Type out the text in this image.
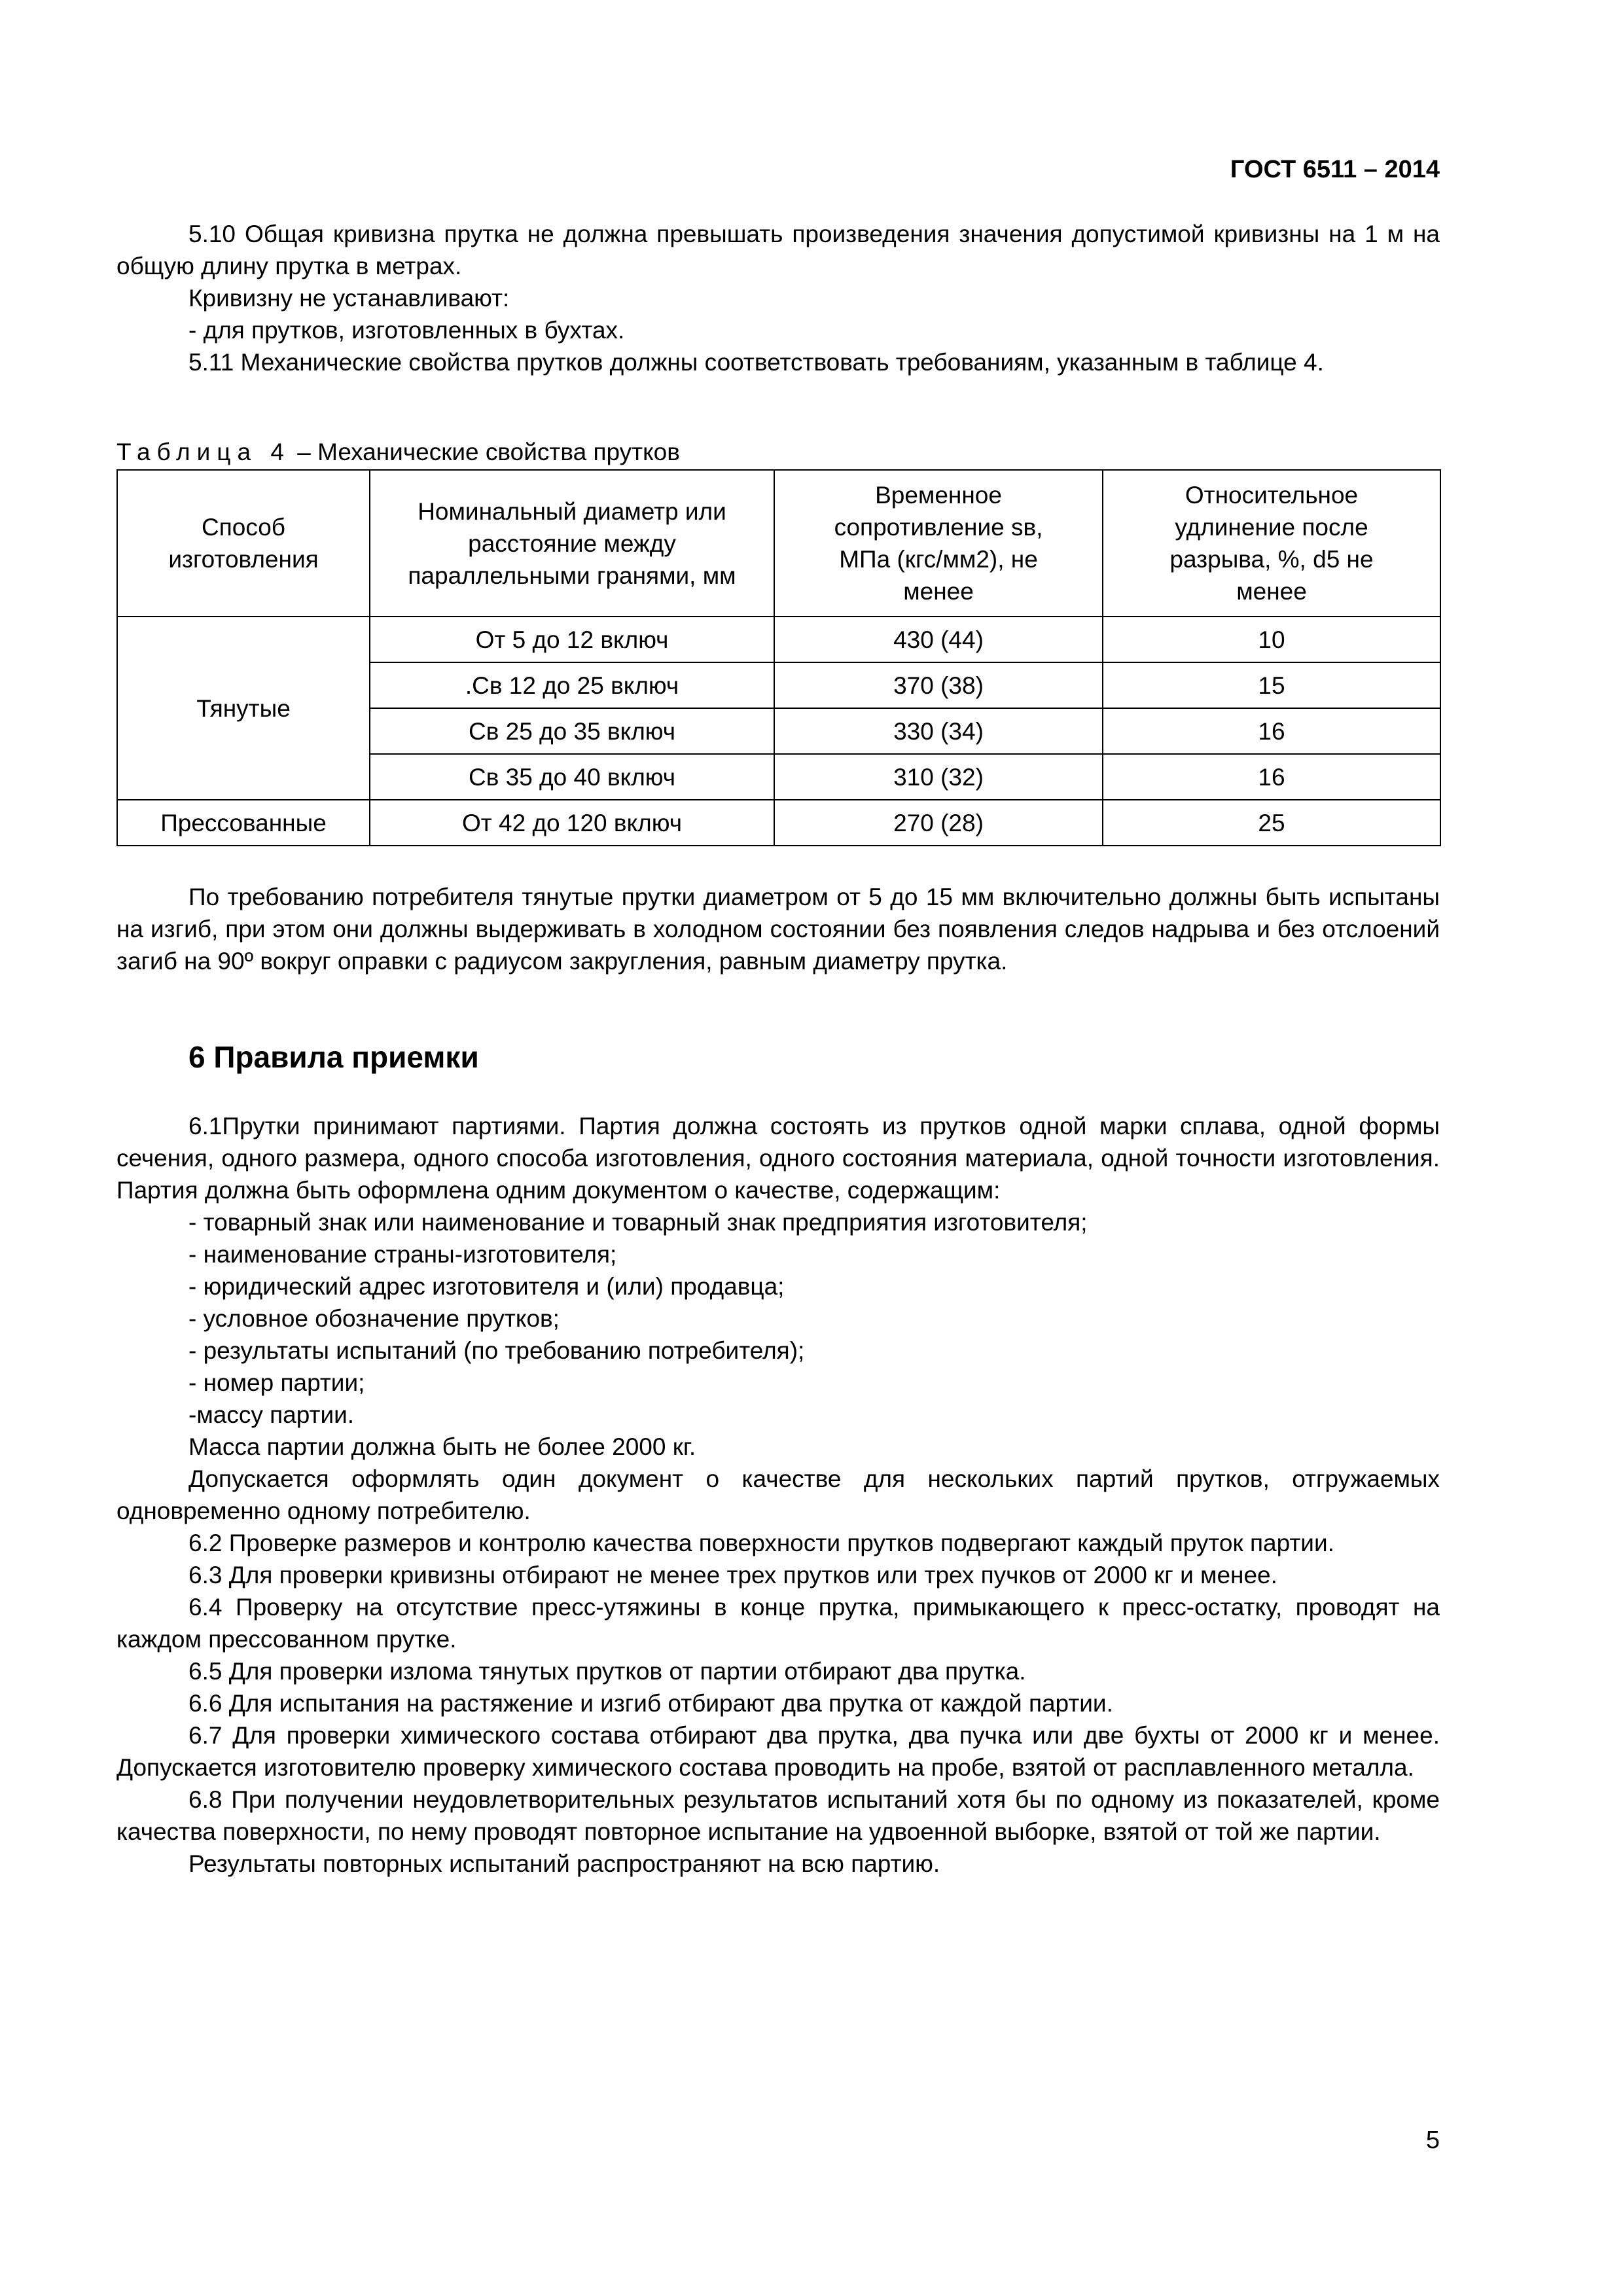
ГОСТ 6511 – 2014

5.10 Общая кривизна прутка не должна превышать произведения значения допустимой кривизны на 1 м на общую длину прутка в метрах.

Кривизну не устанавливают:

- для прутков, изготовленных в бухтах.

5.11 Механические свойства прутков должны соответствовать требованиям, указанным в таблице 4.

Таблица 4 – Механические свойства прутков
Способ изготовления	Номинальный диаметр или расстояние между параллельными гранями, мм	Временное сопротивление sв, МПа (кгс/мм2), не менее	Относительное удлинение после разрыва, %, d5 не менее
Тянутые	От 5 до 12 включ	430 (44)	10
	.Св 12 до 25 включ	370 (38)	15
	Св 25 до 35 включ	330 (34)	16
	Св 35 до 40 включ	310 (32)	16
Прессованные	От 42 до 120 включ	270 (28)	25

По требованию потребителя тянутые прутки диаметром от 5 до 15 мм включительно должны быть испытаны на изгиб, при этом они должны выдерживать в холодном состоянии без появления следов надрыва и без отслоений загиб на 90º вокруг оправки с радиусом закругления, равным диаметру прутка.

6 Правила приемки

6.1Прутки принимают партиями. Партия должна состоять из прутков одной марки сплава, одной формы сечения, одного размера, одного способа изготовления, одного состояния материала, одной точности изготовления. Партия должна быть оформлена одним документом о качестве, содержащим:

- товарный знак или наименование и товарный знак предприятия изготовителя;

- наименование страны-изготовителя;

- юридический адрес изготовителя и (или) продавца;

- условное обозначение прутков;

- результаты испытаний (по требованию потребителя);

- номер партии;

-массу партии.

Масса партии должна быть не более 2000 кг.

Допускается оформлять один документ о качестве для нескольких партий прутков, отгружаемых одновременно одному потребителю.

6.2 Проверке размеров и контролю качества поверхности прутков подвергают каждый пруток партии.

6.3 Для проверки кривизны отбирают не менее трех прутков или трех пучков от 2000 кг и менее.

6.4 Проверку на отсутствие пресс-утяжины в конце прутка, примыкающего к пресс-остатку, проводят на каждом прессованном прутке.

6.5 Для проверки излома тянутых прутков от партии отбирают два прутка.

6.6 Для испытания на растяжение и изгиб отбирают два прутка от каждой партии.

6.7 Для проверки химического состава отбирают два прутка, два пучка или две бухты от 2000 кг и менее. Допускается изготовителю проверку химического состава проводить на пробе, взятой от расплавленного металла.

6.8 При получении неудовлетворительных результатов испытаний хотя бы по одному из показателей, кроме качества поверхности, по нему проводят повторное испытание на удвоенной выборке, взятой от той же партии.

Результаты повторных испытаний распространяют на всю партию.

5
